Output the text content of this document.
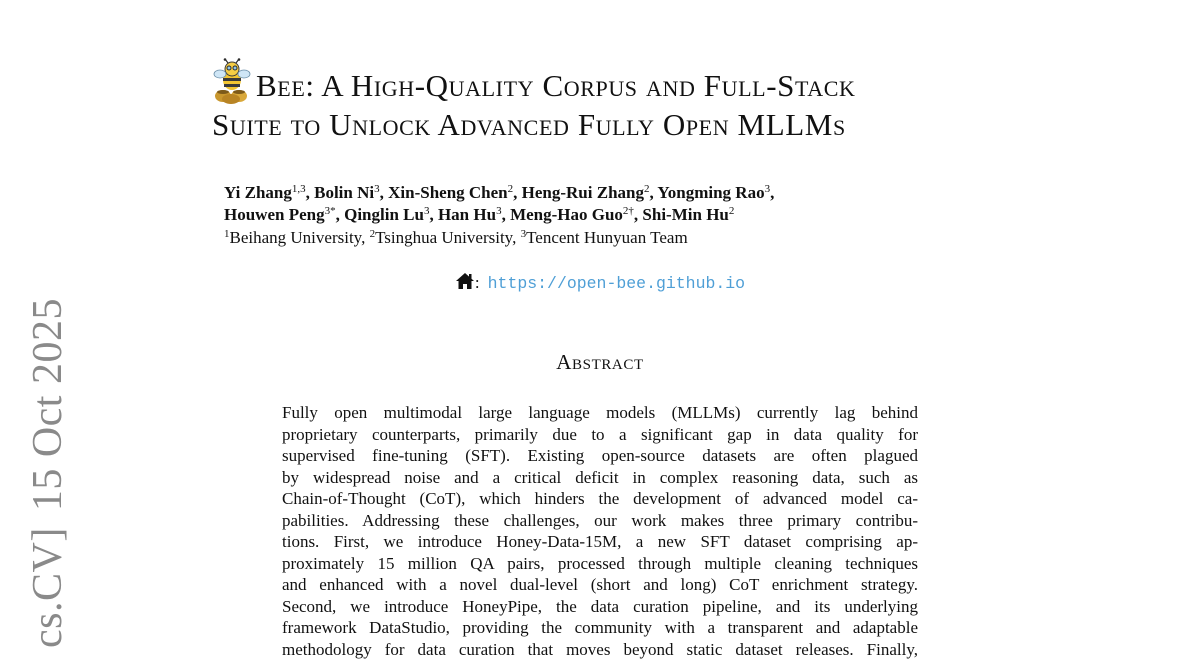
cs.CV]
15 Oct 2025
Bee: A High-Quality Corpus and Full-Stack
Suite to Unlock Advanced Fully Open MLLMs
Yi Zhang$^{1,3}$, Bolin Ni$^3$, Xin-Sheng Chen$^2$, Heng-Rui Zhang$^2$, Yongming Rao$^3$,
Houwen Peng$^{3*}$, Qinglin Lu$^3$, Han Hu$^3$, Meng-Hao Guo$^{2\dagger}$, Shi-Min Hu$^2$
$^1$Beihang University, $^2$Tsinghua University, $^3$Tencent Hunyuan Team
: https://open-bee.github.io
Abstract
Fully open multimodal large language models (MLLMs) currently lag behind
proprietary counterparts, primarily due to a significant gap in data quality for
supervised fine-tuning (SFT). Existing open-source datasets are often plagued
by widespread noise and a critical deficit in complex reasoning data, such as
Chain-of-Thought (CoT), which hinders the development of advanced model ca-
pabilities. Addressing these challenges, our work makes three primary contribu-
tions. First, we introduce Honey-Data-15M, a new SFT dataset comprising ap-
proximately 15 million QA pairs, processed through multiple cleaning techniques
and enhanced with a novel dual-level (short and long) CoT enrichment strategy.
Second, we introduce HoneyPipe, the data curation pipeline, and its underlying
framework DataStudio, providing the community with a transparent and adaptable
methodology for data curation that moves beyond static dataset releases. Finally,
